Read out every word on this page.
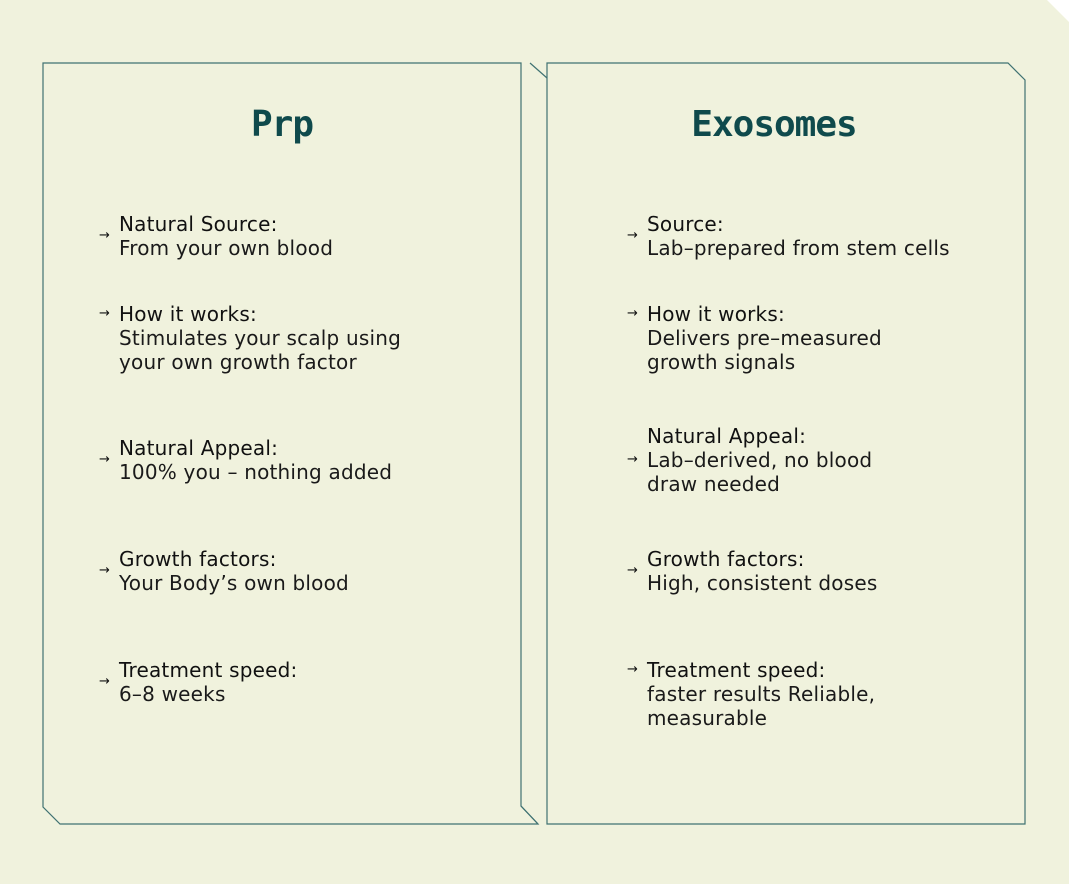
Prp
→ Natural Source:
From your own blood
→ How it works:
Stimulates your scalp using
your own growth factor
→ Natural Appeal:
100% you – nothing added
→ Growth factors:
Your Body’s own blood
→ Treatment speed:
6–8 weeks
Exosomes
→ Source:
Lab–prepared from stem cells
→ How it works:
Delivers pre–measured
growth signals
→
Natural Appeal:
Lab–derived, no blood
draw needed
→ Growth factors:
High, consistent doses
→ Treatment speed:
faster results Reliable,
measurable
